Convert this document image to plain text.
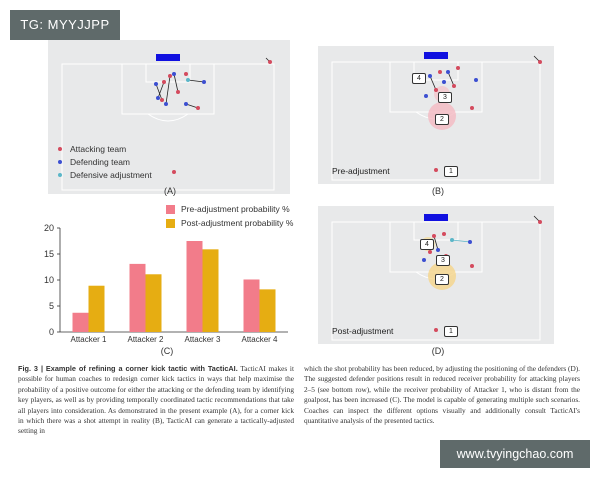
Attacking team
Defending team
Defensive adjustment
(A)
4
3
2
1
Pre-adjustment
(B)
0
5
10
15
20
Attacker 1	Attacker 2	Attacker 3	Attacker 4
Pre-adjustment probability %
Post-adjustment probability %
(C)
4
3
2
1
Post-adjustment
(D)
Fig. 3 | Example of refining a corner kick tactic with TacticAI. TacticAI makes it possible for human coaches to redesign corner kick tactics in ways that help maximise the probability of a positive outcome for either the attacking or the defending team by identifying key players, as well as by providing temporally coordinated tactic recommendations that take all players into consideration. As demonstrated in the present example (A), for a corner kick in which there was a shot attempt in reality (B), TacticAI can generate a tactically-adjusted setting in
which the shot probability has been reduced, by adjusting the positioning of the defenders (D). The suggested defender positions result in reduced receiver probability for attacking players 2–5 (see bottom row), while the receiver probability of Attacker 1, who is distant from the goalpost, has been increased (C). The model is capable of generating multiple such scenarios. Coaches can inspect the different options visually and additionally consult TacticAI's quantitative analysis of the presented tactics.
TG: MYYJJPP
www.tvyingchao.com
